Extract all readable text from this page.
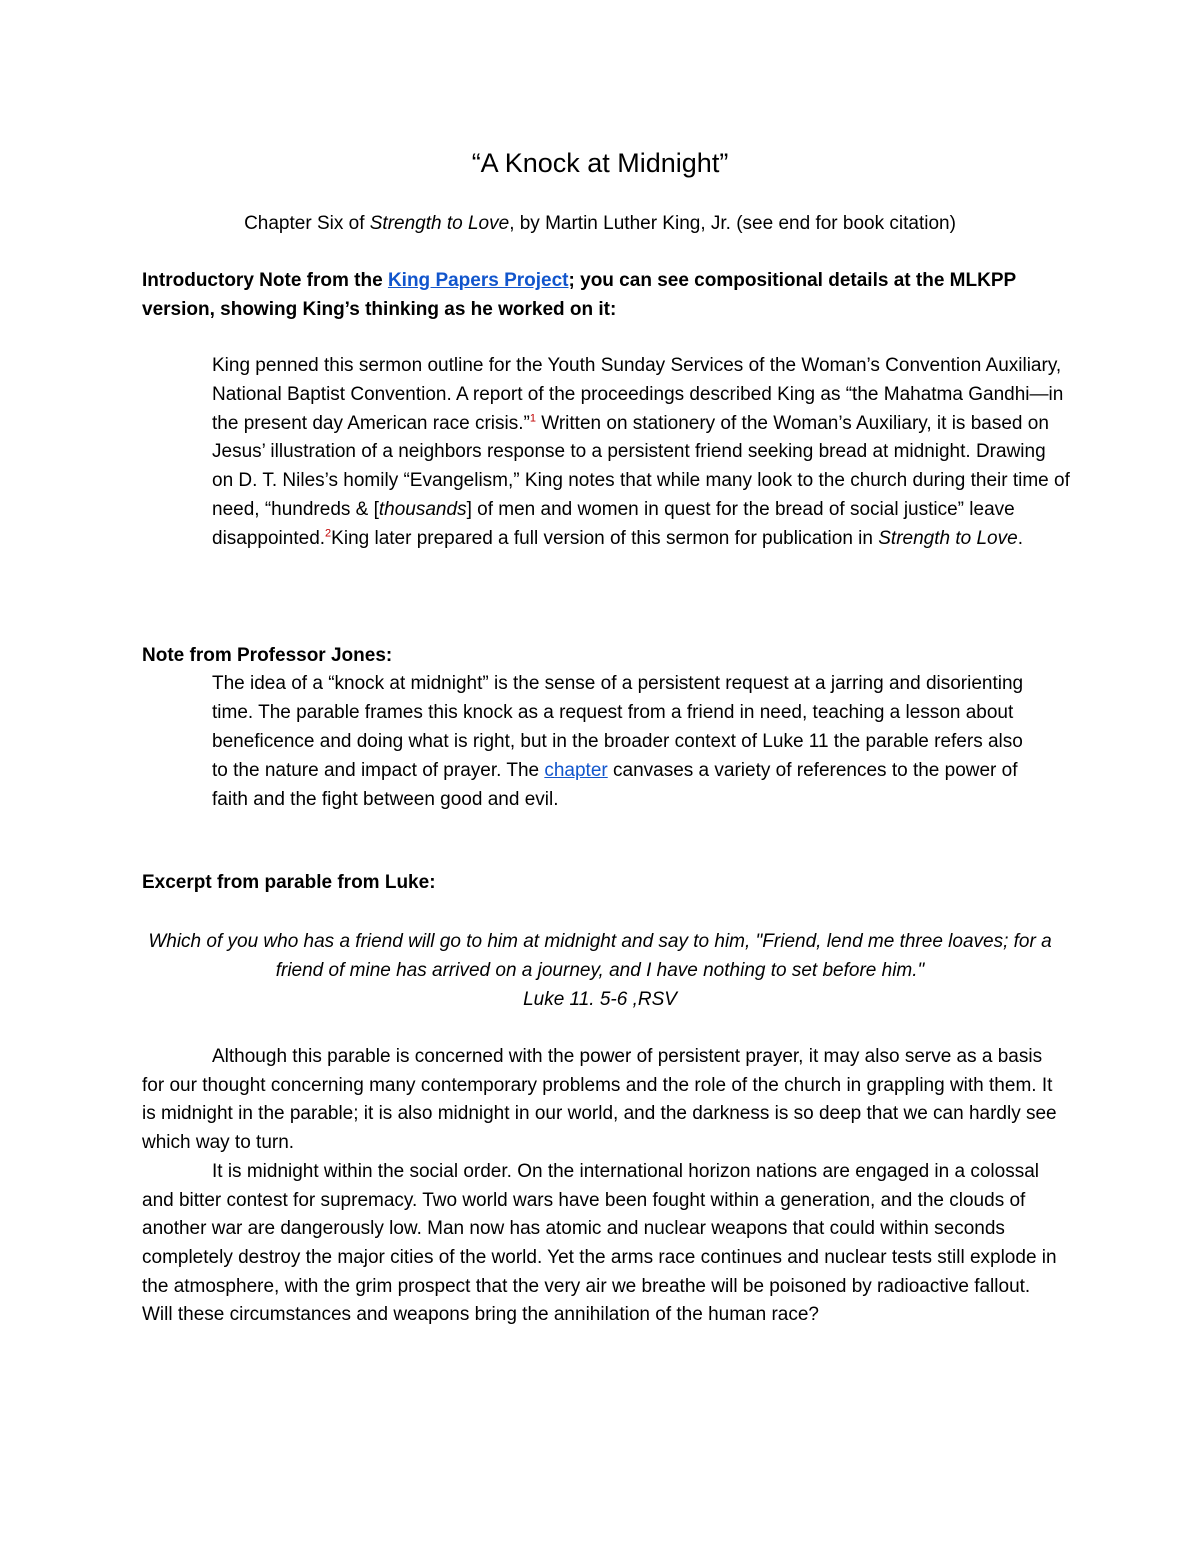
“A Knock at Midnight”
Chapter Six of Strength to Love, by Martin Luther King, Jr. (see end for book citation)
Introductory Note from the King Papers Project; you can see compositional details at the MLKPP version, showing King’s thinking as he worked on it:
King penned this sermon outline for the Youth Sunday Services of the Woman’s Convention Auxiliary, National Baptist Convention. A report of the proceedings described King as “the Mahatma Gandhi—in the present day American race crisis.”$^1$ Written on stationery of the Woman’s Auxiliary, it is based on Jesus’ illustration of a neighbors response to a persistent friend seeking bread at midnight. Drawing on D. T. Niles’s homily “Evangelism,” King notes that while many look to the church during their time of need, “hundreds & [thousands] of men and women in quest for the bread of social justice” leave disappointed.$^2$King later prepared a full version of this sermon for publication in Strength to Love.
Note from Professor Jones:
The idea of a “knock at midnight” is the sense of a persistent request at a jarring and disorienting time. The parable frames this knock as a request from a friend in need, teaching a lesson about beneficence and doing what is right, but in the broader context of Luke 11 the parable refers also to the nature and impact of prayer. The chapter canvases a variety of references to the power of faith and the fight between good and evil.
Excerpt from parable from Luke:
Which of you who has a friend will go to him at midnight and say to him, "Friend, lend me three loaves; for a friend of mine has arrived on a journey, and I have nothing to set before him."
Luke 11. 5-6 ,RSV

Although this parable is concerned with the power of persistent prayer, it may also serve as a basis for our thought concerning many contemporary problems and the role of the church in grappling with them. It is midnight in the parable; it is also midnight in our world, and the darkness is so deep that we can hardly see which way to turn.

It is midnight within the social order. On the international horizon nations are engaged in a colossal and bitter contest for supremacy. Two world wars have been fought within a generation, and the clouds of another war are dangerously low. Man now has atomic and nuclear weapons that could within seconds completely destroy the major cities of the world. Yet the arms race continues and nuclear tests still explode in the atmosphere, with the grim prospect that the very air we breathe will be poisoned by radioactive fallout. Will these circumstances and weapons bring the annihilation of the human race?
